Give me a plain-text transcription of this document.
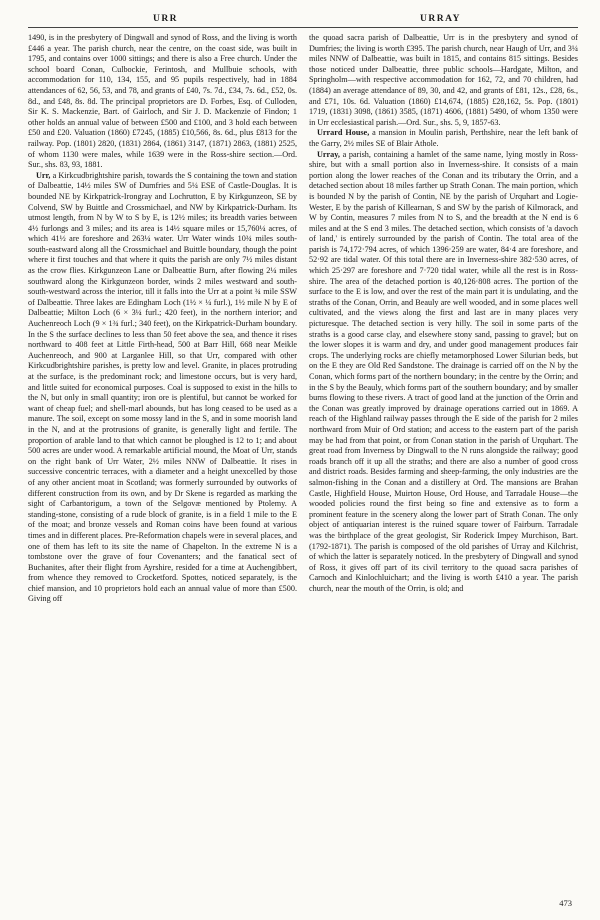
URR	URRAY

1490, is in the presbytery of Dingwall and synod of Ross, and the living is worth £446 a year. The parish church, near the centre, on the coast side, was built in 1795, and contains over 1000 sittings; and there is also a Free church. Under the school board Conan, Culbockie, Ferintosh, and Mullbuie schools, with accommodation for 110, 134, 155, and 95 pupils respectively, had in 1884 attendances of 62, 56, 53, and 78, and grants of £40, 7s. 7d., £34, 7s. 6d., £52, 0s. 8d., and £48, 8s. 8d. The principal proprietors are D. Forbes, Esq. of Culloden, Sir K. S. Mackenzie, Bart. of Gairloch, and Sir J. D. Mackenzie of Findon; 1 other holds an annual value of between £500 and £100, and 3 hold each between £50 and £20. Valuation (1860) £7245, (1885) £10,566, 8s. 6d., plus £813 for the railway. Pop. (1801) 2820, (1831) 2864, (1861) 3147, (1871) 2863, (1881) 2525, of whom 1130 were males, while 1639 were in the Ross-shire section.—Ord. Sur., shs. 83, 93, 1881.

Urr, a Kirkcudbrightshire parish, towards the S containing the town and station of Dalbeattie, 14½ miles SW of Dumfries and 5¼ ESE of Castle-Douglas. It is bounded NE by Kirkpatrick-Irongray and Lochrutton, E by Kirkgunzeon, SE by Colvend, SW by Buittle and Crossmichael, and NW by Kirkpatrick-Durham. Its utmost length, from N by W to S by E, is 12½ miles; its breadth varies between 4½ furlongs and 3 miles; and its area is 14½ square miles or 15,760¼ acres, of which 41½ are foreshore and 263¼ water. Urr Water winds 10¾ miles south-south-eastward along all the Crossmichael and Buittle boundary, though the point where it first touches and that where it quits the parish are only 7½ miles distant as the crow flies. Kirkgunzeon Lane or Dalbeattie Burn, after flowing 2¼ miles southward along the Kirkgunzeon border, winds 2 miles westward and south-south-westward across the interior, till it falls into the Urr at a point ¾ mile SSW of Dalbeattie. Three lakes are Edingham Loch (1½ × ¼ furl.), 1½ mile N by E of Dalbeattie; Milton Loch (6 × 3¼ furl.; 420 feet), in the northern interior; and Auchenreoch Loch (9 × 1¾ furl.; 340 feet), on the Kirkpatrick-Durham boundary. In the S the surface declines to less than 50 feet above the sea, and thence it rises northward to 408 feet at Little Firth-head, 500 at Barr Hill, 668 near Meikle Auchenreoch, and 900 at Larganlee Hill, so that Urr, compared with other Kirkcudbrightshire parishes, is pretty low and level. Granite, in places protruding at the surface, is the predominant rock; and limestone occurs, but is very hard, and little suited for economical purposes. Coal is supposed to exist in the hills to the N, but only in small quantity; iron ore is plentiful, but cannot be worked for want of cheap fuel; and shell-marl abounds, but has long ceased to be used as a manure. The soil, except on some mossy land in the S, and in some moorish land in the N, and at the protrusions of granite, is generally light and fertile. The proportion of arable land to that which cannot be ploughed is 12 to 1; and about 500 acres are under wood. A remarkable artificial mound, the Moat of Urr, stands on the right bank of Urr Water, 2½ miles NNW of Dalbeattie. It rises in successive concentric terraces, with a diameter and a height unexcelled by those of any other ancient moat in Scotland; was formerly surrounded by outworks of different construction from its own, and by Dr Skene is regarded as marking the sight of Carbantorigum, a town of the Selgovæ mentioned by Ptolemy. A standing-stone, consisting of a rude block of granite, is in a field 1 mile to the E of the moat; and bronze vessels and Roman coins have been found at various times and in different places. Pre-Reformation chapels were in several places, and one of them has left to its site the name of Chapelton. In the extreme N is a tombstone over the grave of four Covenanters; and the fanatical sect of Buchanites, after their flight from Ayrshire, resided for a time at Auchengibbert, from whence they removed to Crocketford. Spottes, noticed separately, is the chief mansion, and 10 proprietors hold each an annual value of more than £500. Giving off

the quoad sacra parish of Dalbeattie, Urr is in the presbytery and synod of Dumfries; the living is worth £395. The parish church, near Haugh of Urr, and 3¼ miles NNW of Dalbeattie, was built in 1815, and contains 815 sittings. Besides those noticed under Dalbeattie, three public schools—Hardgate, Milton, and Springholm—with respective accommodation for 162, 72, and 70 children, had (1884) an average attendance of 89, 30, and 42, and grants of £81, 12s., £28, 6s., and £71, 10s. 6d. Valuation (1860) £14,674, (1885) £28,162, 5s. Pop. (1801) 1719, (1831) 3098, (1861) 3585, (1871) 4606, (1881) 5490, of whom 1350 were in Urr ecclesiastical parish.—Ord. Sur., shs. 5, 9, 1857-63.

Urrard House, a mansion in Moulin parish, Perthshire, near the left bank of the Garry, 2½ miles SE of Blair Athole.

Urray, a parish, containing a hamlet of the same name, lying mostly in Ross-shire, but with a small portion also in Inverness-shire. It consists of a main portion along the lower reaches of the Conan and its tributary the Orrin, and a detached section about 18 miles farther up Strath Conan. The main portion, which is bounded N by the parish of Contin, NE by the parish of Urquhart and Logie-Wester, E by the parish of Killearnan, S and SW by the parish of Kilmorack, and W by Contin, measures 7 miles from N to S, and the breadth at the N end is 6 miles and at the S end 3 miles. The detached section, which consists of 'a davoch of land,' is entirely surrounded by the parish of Contin. The total area of the parish is 74,172·794 acres, of which 1396·259 are water, 84·4 are foreshore, and 52·92 are tidal water. Of this total there are in Inverness-shire 382·530 acres, of which 25·297 are foreshore and 7·720 tidal water, while all the rest is in Ross-shire. The area of the detached portion is 40,126·808 acres. The portion of the surface to the E is low, and over the rest of the main part it is undulating, and the straths of the Conan, Orrin, and Beauly are well wooded, and in some places well cultivated, and the views along the first and last are in many places very picturesque. The detached section is very hilly. The soil in some parts of the straths is a good carse clay, and elsewhere stony sand, passing to gravel; but on the lower slopes it is warm and dry, and under good management produces fair crops. The underlying rocks are chiefly metamorphosed Lower Silurian beds, but on the E they are Old Red Sandstone. The drainage is carried off on the N by the Conan, which forms part of the northern boundary; in the centre by the Orrin; and in the S by the Beauly, which forms part of the southern boundary; and by smaller burns flowing to these rivers. A tract of good land at the junction of the Orrin and the Conan was greatly improved by drainage operations carried out in 1869. A reach of the Highland railway passes through the E side of the parish for 2 miles northward from Muir of Ord station; and access to the eastern part of the parish may be had from that point, or from Conan station in the parish of Urquhart. The great road from Inverness by Dingwall to the N runs alongside the railway; good roads branch off it up all the straths; and there are also a number of good cross and district roads. Besides farming and sheep-farming, the only industries are the salmon-fishing in the Conan and a distillery at Ord. The mansions are Brahan Castle, Highfield House, Muirton House, Ord House, and Tarradale House—the wooded policies round the first being so fine and extensive as to form a prominent feature in the scenery along the lower part of Strath Conan. The only object of antiquarian interest is the ruined square tower of Fairburn. Tarradale was the birthplace of the great geologist, Sir Roderick Impey Murchison, Bart. (1792-1871). The parish is composed of the old parishes of Urray and Kilchrist, of which the latter is separately noticed. In the presbytery of Dingwall and synod of Ross, it gives off part of its civil territory to the quoad sacra parishes of Carnoch and Kinlochluichart; and the living is worth £410 a year. The parish church, near the mouth of the Orrin, is old; and

473
